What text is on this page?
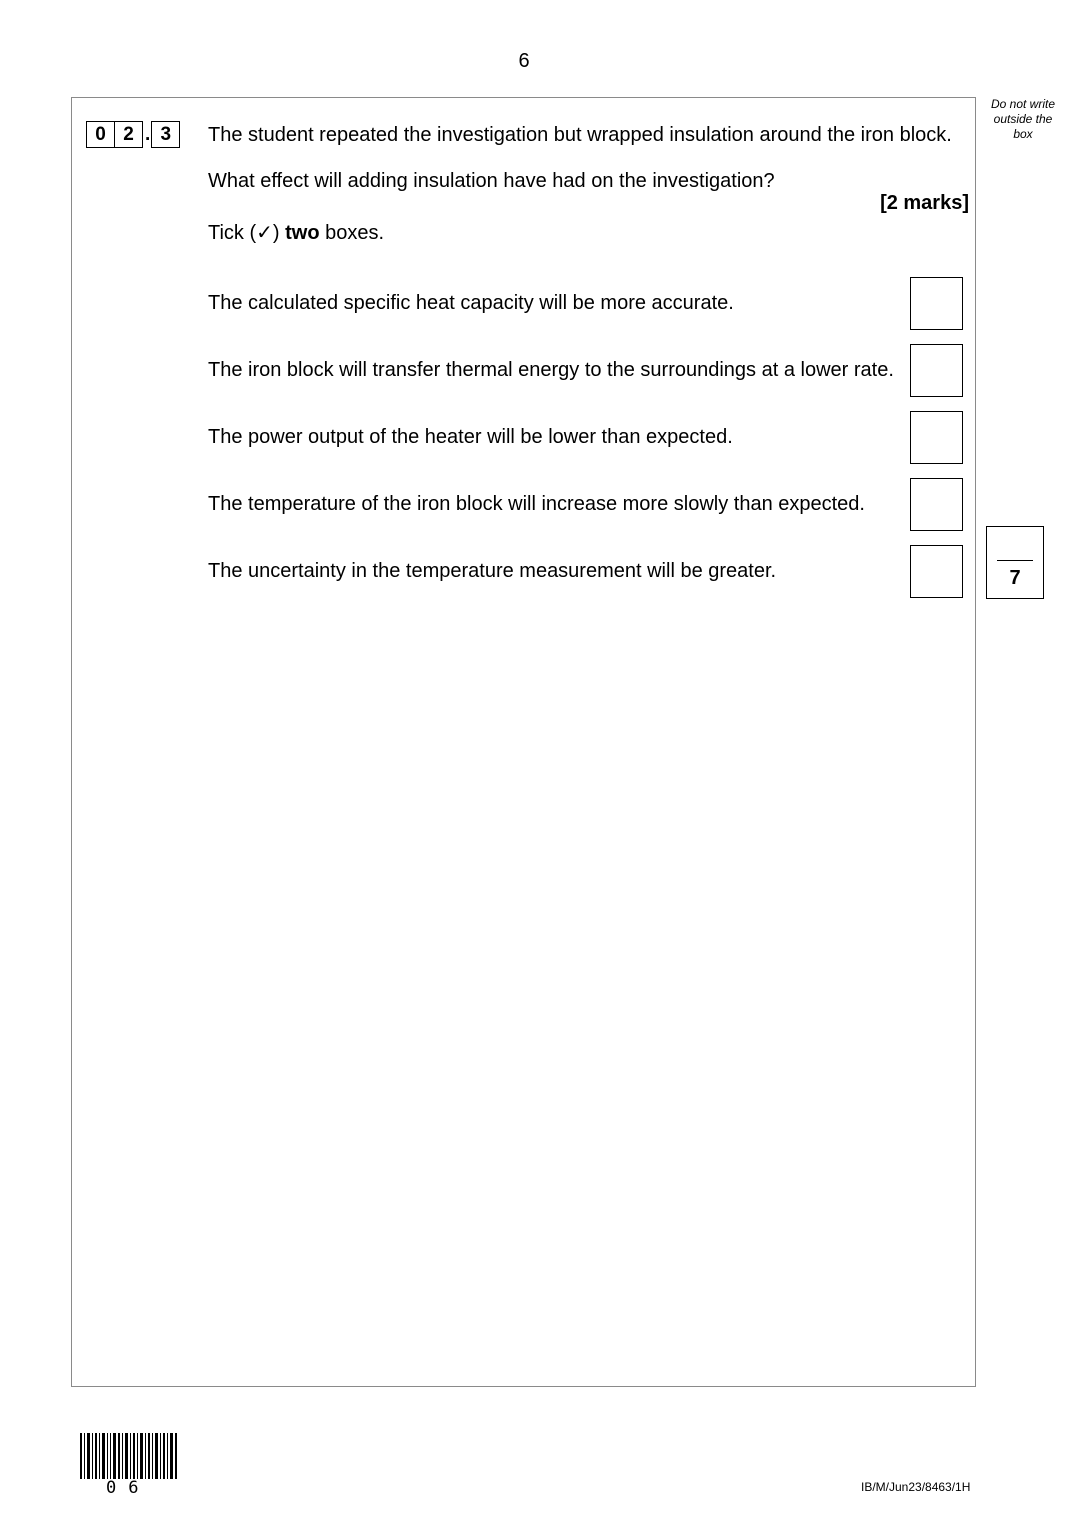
6
Do not write outside the box
0 2 . 3	The student repeated the investigation but wrapped insulation around the iron block.
What effect will adding insulation have had on the investigation?
[2 marks]
Tick (✓) two boxes.
The calculated specific heat capacity will be more accurate.
The iron block will transfer thermal energy to the surroundings at a lower rate.
The power output of the heater will be lower than expected.
The temperature of the iron block will increase more slowly than expected.
The uncertainty in the temperature measurement will be greater.	7
06	IB/M/Jun23/8463/1H
